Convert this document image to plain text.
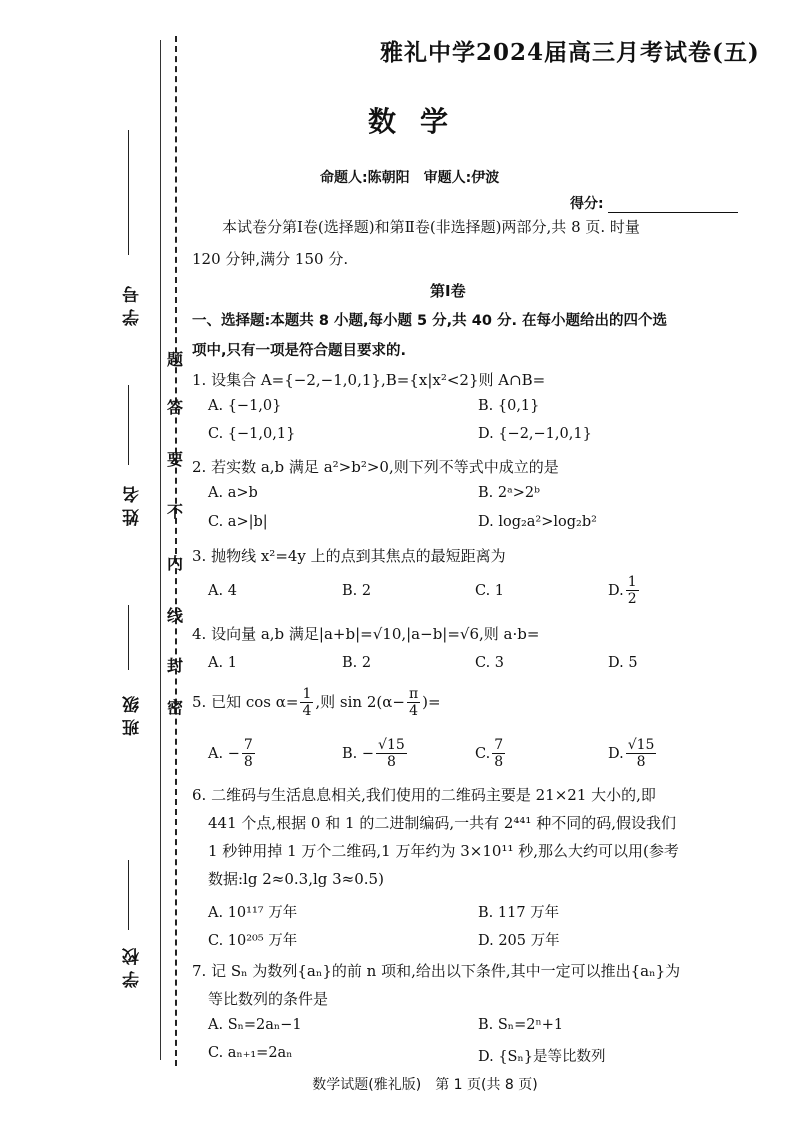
学号
姓名
班级
学校
题
答
要
不
内
线
封
密
雅礼中学2024届高三月考试卷(五)
数学
命题人:陈朝阳　审题人:伊波
得分:
本试卷分第Ⅰ卷(选择题)和第Ⅱ卷(非选择题)两部分,共 8 页. 时量
120 分钟,满分 150 分.
第Ⅰ卷
一、选择题:本题共 8 小题,每小题 5 分,共 40 分. 在每小题给出的四个选
项中,只有一项是符合题目要求的.
1. 设集合 A={−2,−1,0,1},B={x|x²<2}则 A∩B=
A. {−1,0}	B. {0,1}
C. {−1,0,1}	D. {−2,−1,0,1}
2. 若实数 a,b 满足 a²>b²>0,则下列不等式中成立的是
A. a>b	B. 2ᵃ>2ᵇ
C. a>|b|	D. log₂a²>log₂b²
3. 抛物线 x²=4y 上的点到其焦点的最短距离为
A. 4	B. 2	C. 1	D. $\frac{1}{2}$
4. 设向量 a,b 满足|a+b|=√10,|a−b|=√6,则 a·b=
A. 1	B. 2	C. 3	D. 5
5. 已知 $\cos \alpha= \frac{1}{4}$ ,则 $\sin 2(\alpha- \frac{\pi}{4}$ )=
A. − $\frac{7}{8}$	B. − $\frac{√15}{8}$	C. $\frac{7}{8}$	D. $\frac{√15}{8}$
6. 二维码与生活息息相关,我们使用的二维码主要是 21×21 大小的,即
441 个点,根据 0 和 1 的二进制编码,一共有 2⁴⁴¹ 种不同的码,假设我们
1 秒钟用掉 1 万个二维码,1 万年约为 3×10¹¹ 秒,那么大约可以用(参考
数据:lg 2≈0.3,lg 3≈0.5)
A. 10¹¹⁷ 万年	B. 117 万年
C. 10²⁰⁵ 万年	D. 205 万年
7. 记 Sₙ 为数列{aₙ}的前 n 项和,给出以下条件,其中一定可以推出{aₙ}为
等比数列的条件是
A. Sₙ=2aₙ−1	B. Sₙ=2ⁿ+1
C. aₙ₊₁=2aₙ	D. {Sₙ}是等比数列
数学试题(雅礼版)　第 1 页(共 8 页)
